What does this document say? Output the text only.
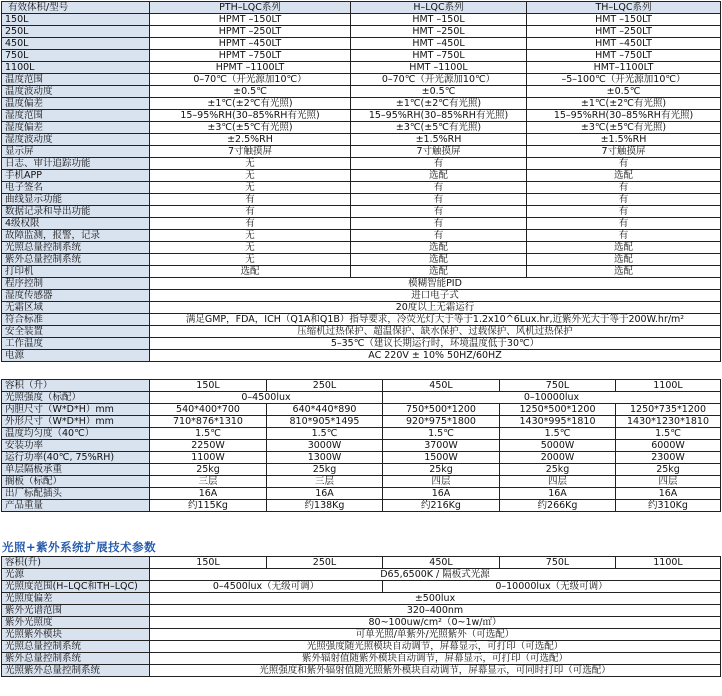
有效体积/型号	PTH–LQC系列	H–LQC系列	TH–LQC系列
150L	HPMT –150LT	HMT –150L	HMT –150LT
250L	HPMT –250LT	HMT –250L	HMT –250LT
450L	HPMT –450LT	HMT –450L	HMT –450LT
750L	HPMT –750LT	HMT –750L	HMT –750LT
1100L	HPMT –1100LT	HMT –1100L	HMT–1100LT
温度范围	0–70℃（开光源加10℃）	0–70℃（开光源加10℃）	–5–100℃（开光源加10℃）
温度波动度	±0.5℃	±0.5℃	±0.5℃
温度偏差	±1℃(±2℃有光照)	±1℃(±2℃有光照)	±1℃(±2℃有光照)
湿度范围	15–95%RH(30–85%RH有光照)	15–95%RH(30–85%RH有光照)	15–95%RH(30–85%RH有光照)
湿度偏差	±3℃(±5℃有光照)	±3℃(±5℃有光照)	±3℃(±5℃有光照)
湿度波动度	±2.5%RH	±1.5%RH	±1.5%RH
显示屏	7寸触摸屏	7寸触摸屏	7寸触摸屏
日志、审计追踪功能	无	有	有
手机APP	无	选配	选配
电子签名	无	有	有
曲线显示功能	有	有	有
数据记录和导出功能	有	有	有
4级权限	有	有	有
故障监测，报警，记录	无	有	有
光照总量控制系统	无	选配	选配
紫外总量控制系统	无	选配	选配
打印机	选配	选配	选配
程序控制	模糊智能PID		
湿度传感器	进口电子式		
无霜区域	20度以上无霜运行		
符合标准	满足GMP，FDA，ICH（Q1A和Q1B）指导要求，冷荧光灯大于等于1.2x10^6Lux.hr,近紫外光大于等于200W.hr/m²		
安全装置	压缩机过热保护、超温保护、缺水保护、过载保护、风机过热保护		
工作温度	5–35℃（建议长期运行时，环境温度低于30℃）		
电源	AC 220V ± 10% 50HZ/60HZ		
容积（升）	150L	250L	450L	750L	1100L
光照强度（标配）	0–4500lux		0–10000lux		
内胆尺寸（W*D*H）mm	540*400*700	640*440*890	750*500*1200	1250*500*1200	1250*735*1200
外形尺寸（W*D*H）mm	710*876*1310	810*905*1495	920*975*1800	1430*995*1810	1430*1230*1810
温度均匀度（40℃）	1.5℃	1.5℃	1.5℃	1.5℃	1.5℃
安装功率	2250W	3000W	3700W	5000W	6000W
运行功率(40℃, 75%RH)	1100W	1300W	1500W	2000W	2300W
单层隔板承重	25kg	25kg	25kg	25kg	25kg
搁板（标配）	三层	三层	四层	四层	四层
出厂标配插头	16A	16A	16A	16A	16A
产品重量	约115Kg	约138Kg	约216Kg	约266Kg	约310Kg
光照+紫外系统扩展技术参数
容积(升)	150L	250L	450L	750L	1100L
光源	D65,6500K / 隔板式光源				
光照度范围(H–LQC和TH–LQC)	0–4500lux（无级可调）		0–10000lux（无级可调）		
光照度偏差	±500lux				
紫外光谱范围	320–400nm				
紫外光照度	80~100uw/cm²（0~1w/㎡）				
光照紫外模块	可单光照/单紫外/光照紫外（可选配）				
光照总量控制系统	光照强度随光照模块自动调节，屏幕显示，可打印（可选配）				
紫外总量控制系统	紫外辐射值随紫外模块自动调节，屏幕显示，可打印（可选配）				
光照紫外总量控制系统	光照强度和紫外辐射值随光照紫外模块自动调节，屏幕显示，可同时打印（可选配）				
